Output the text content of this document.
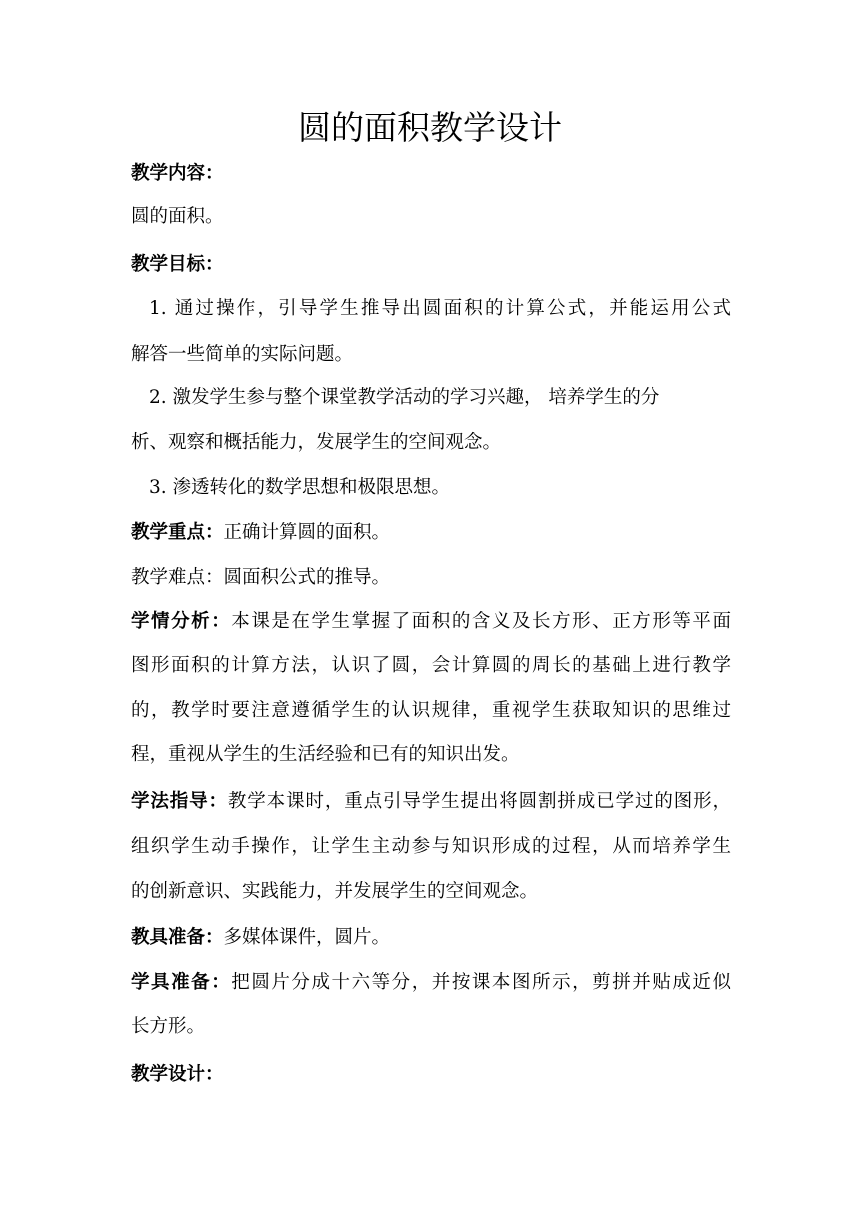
圆的面积教学设计
教学内容：
圆的面积。
教学目标：
1. 通过操作，引导学生推导出圆面积的计算公式，并能运用公式
解答一些简单的实际问题。
2. 激发学生参与整个课堂教学活动的学习兴趣， 培养学生的分
析、观察和概括能力，发展学生的空间观念。
3. 渗透转化的数学思想和极限思想。
教学重点：正确计算圆的面积。
教学难点：圆面积公式的推导。
学情分析：本课是在学生掌握了面积的含义及长方形、正方形等平面
图形面积的计算方法，认识了圆，会计算圆的周长的基础上进行教学
的，教学时要注意遵循学生的认识规律，重视学生获取知识的思维过
程，重视从学生的生活经验和已有的知识出发。
学法指导：教学本课时，重点引导学生提出将圆割拼成已学过的图形，
组织学生动手操作，让学生主动参与知识形成的过程，从而培养学生
的创新意识、实践能力，并发展学生的空间观念。
教具准备：多媒体课件，圆片。
学具准备：把圆片分成十六等分，并按课本图所示，剪拼并贴成近似
长方形。
教学设计：
